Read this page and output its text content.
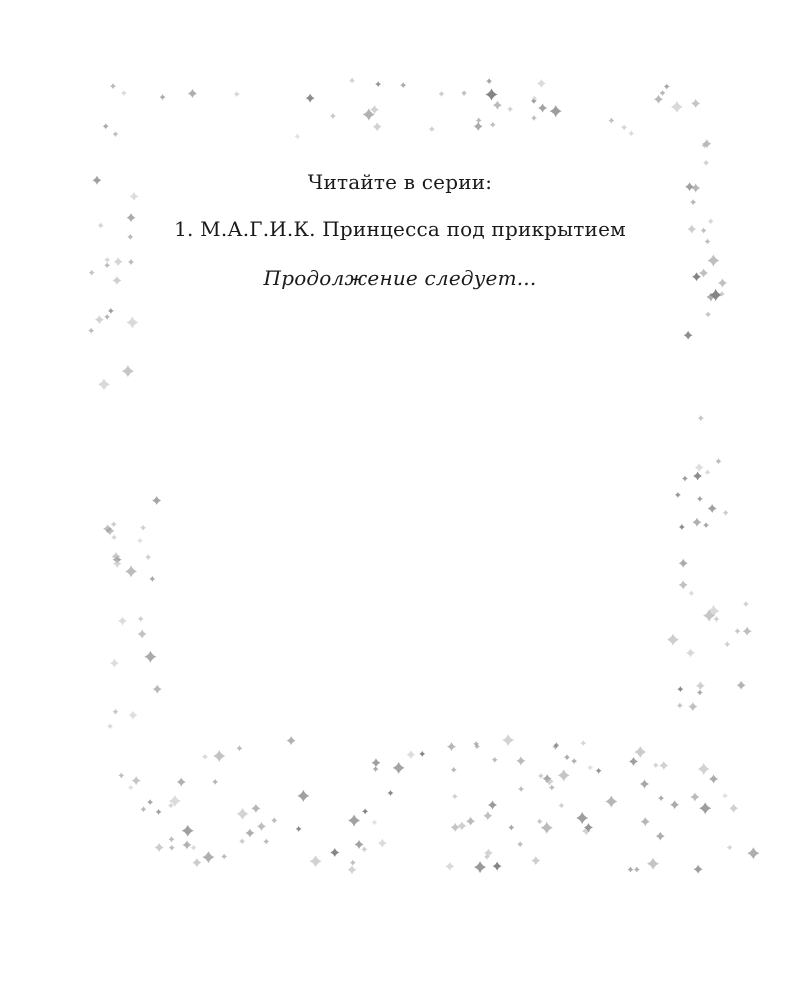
Читайте в серии:
1. М.А.Г.И.К. Принцесса под прикрытием
Продолжение следует...
